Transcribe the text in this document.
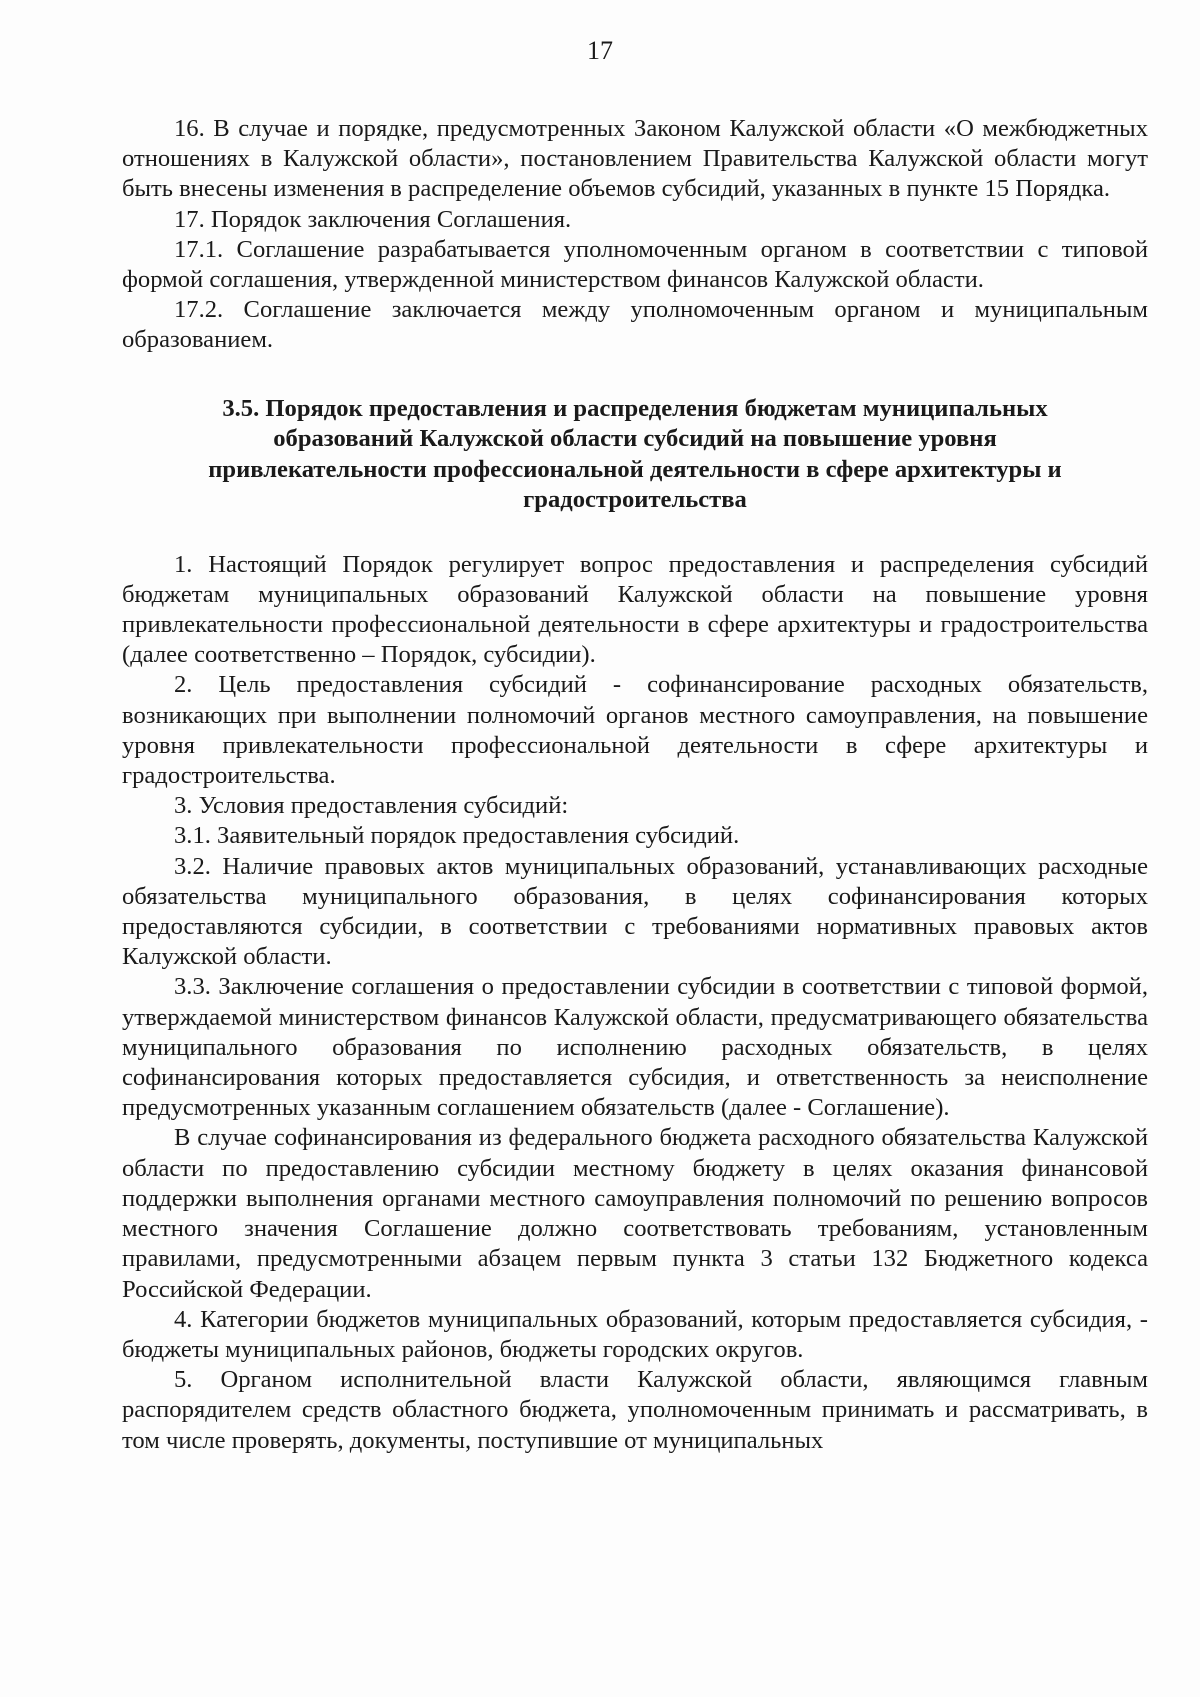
17

16. В случае и порядке, предусмотренных Законом Калужской области «О межбюджетных отношениях в Калужской области», постановлением Правительства Калужской области могут быть внесены изменения в распределение объемов субсидий, указанных в пункте 15 Порядка.

17. Порядок заключения Соглашения.

17.1. Соглашение разрабатывается уполномоченным органом в соответствии с типовой формой соглашения, утвержденной министерством финансов Калужской области.

17.2. Соглашение заключается между уполномоченным органом и муниципальным образованием.

3.5. Порядок предоставления и распределения бюджетам муниципальных образований Калужской области субсидий на повышение уровня привлекательности профессиональной деятельности в сфере архитектуры и градостроительства

1. Настоящий Порядок регулирует вопрос предоставления и распределения субсидий бюджетам муниципальных образований Калужской области на повышение уровня привлекательности профессиональной деятельности в сфере архитектуры и градостроительства (далее соответственно – Порядок, субсидии).

2. Цель предоставления субсидий - софинансирование расходных обязательств, возникающих при выполнении полномочий органов местного самоуправления, на повышение уровня привлекательности профессиональной деятельности в сфере архитектуры и градостроительства.

3. Условия предоставления субсидий:

3.1. Заявительный порядок предоставления субсидий.

3.2. Наличие правовых актов муниципальных образований, устанавливающих расходные обязательства муниципального образования, в целях софинансирования которых предоставляются субсидии, в соответствии с требованиями нормативных правовых актов Калужской области.

3.3. Заключение соглашения о предоставлении субсидии в соответствии с типовой формой, утверждаемой министерством финансов Калужской области, предусматривающего обязательства муниципального образования по исполнению расходных обязательств, в целях софинансирования которых предоставляется субсидия, и ответственность за неисполнение предусмотренных указанным соглашением обязательств (далее - Соглашение).

В случае софинансирования из федерального бюджета расходного обязательства Калужской области по предоставлению субсидии местному бюджету в целях оказания финансовой поддержки выполнения органами местного самоуправления полномочий по решению вопросов местного значения Соглашение должно соответствовать требованиям, установленным правилами, предусмотренными абзацем первым пункта 3 статьи 132 Бюджетного кодекса Российской Федерации.

4. Категории бюджетов муниципальных образований, которым предоставляется субсидия, - бюджеты муниципальных районов, бюджеты городских округов.

5. Органом исполнительной власти Калужской области, являющимся главным распорядителем средств областного бюджета, уполномоченным принимать и рассматривать, в том числе проверять, документы, поступившие от муниципальных
